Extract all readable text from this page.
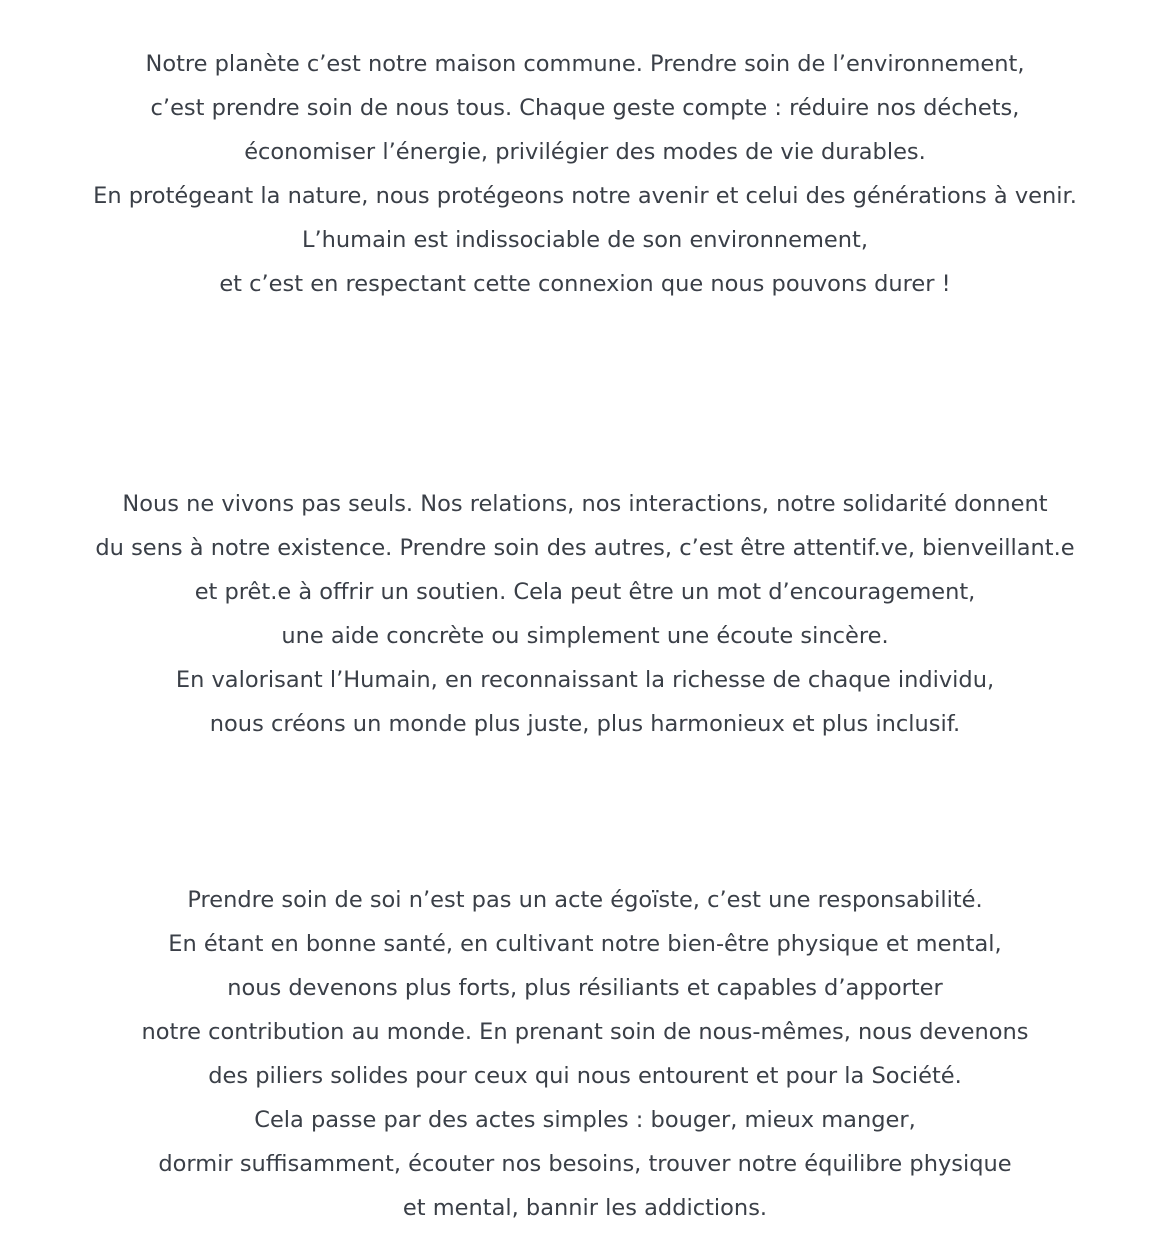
Notre planète c’est notre maison commune. Prendre soin de l’environnement,
c’est prendre soin de nous tous. Chaque geste compte : réduire nos déchets,
économiser l’énergie, privilégier des modes de vie durables.
En protégeant la nature, nous protégeons notre avenir et celui des générations à venir.
L’humain est indissociable de son environnement,
et c’est en respectant cette connexion que nous pouvons durer !

Nous ne vivons pas seuls. Nos relations, nos interactions, notre solidarité donnent
du sens à notre existence. Prendre soin des autres, c’est être attentif.ve, bienveillant.e
et prêt.e à offrir un soutien. Cela peut être un mot d’encouragement,
une aide concrète ou simplement une écoute sincère.
En valorisant l’Humain, en reconnaissant la richesse de chaque individu,
nous créons un monde plus juste, plus harmonieux et plus inclusif.

Prendre soin de soi n’est pas un acte égoïste, c’est une responsabilité.
En étant en bonne santé, en cultivant notre bien-être physique et mental,
nous devenons plus forts, plus résiliants et capables d’apporter
notre contribution au monde. En prenant soin de nous-mêmes, nous devenons
des piliers solides pour ceux qui nous entourent et pour la Société.
Cela passe par des actes simples : bouger, mieux manger,
dormir suffisamment, écouter nos besoins, trouver notre équilibre physique
et mental, bannir les addictions.
